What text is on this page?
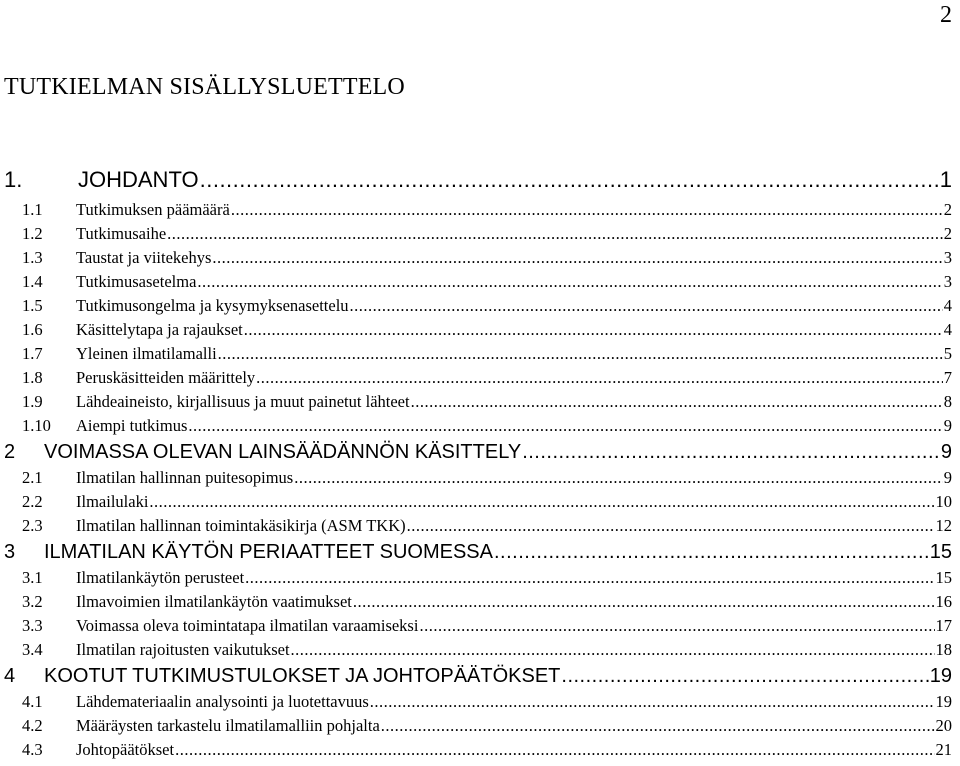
2
TUTKIELMAN SISÄLLYSLUETTELO
1.	JOHDANTO .....	1
1.1	Tutkimuksen päämäärä .....	2
1.2	Tutkimusaihe .....	2
1.3	Taustat ja viitekehys .....	3
1.4	Tutkimusasetelma .....	3
1.5	Tutkimusongelma ja kysymyksenasettelu .....	4
1.6	Käsittelytapa ja rajaukset .....	4
1.7	Yleinen ilmatilamalli .....	5
1.8	Peruskäsitteiden määrittely .....	7
1.9	Lähdeaineisto, kirjallisuus ja muut painetut lähteet .....	8
1.10	Aiempi tutkimus .....	9
2	VOIMASSA OLEVAN LAINSÄÄDÄNNÖN KÄSITTELY .....	9
2.1	Ilmatilan hallinnan puitesopimus .....	9
2.2	Ilmailulaki .....	10
2.3	Ilmatilan hallinnan toimintakäsikirja (ASM TKK) .....	12
3	ILMATILAN KÄYTÖN PERIAATTEET SUOMESSA .....	15
3.1	Ilmatilankäytön perusteet .....	15
3.2	Ilmavoimien ilmatilankäytön vaatimukset .....	16
3.3	Voimassa oleva toimintatapa ilmatilan varaamiseksi .....	17
3.4	Ilmatilan rajoitusten vaikutukset .....	18
4	KOOTUT TUTKIMUSTULOKSET JA JOHTOPÄÄTÖKSET .....	19
4.1	Lähdemateriaalin analysointi ja luotettavuus .....	19
4.2	Määräysten tarkastelu ilmatilamalliin pohjalta .....	20
4.3	Johtopäätökset .....	21
